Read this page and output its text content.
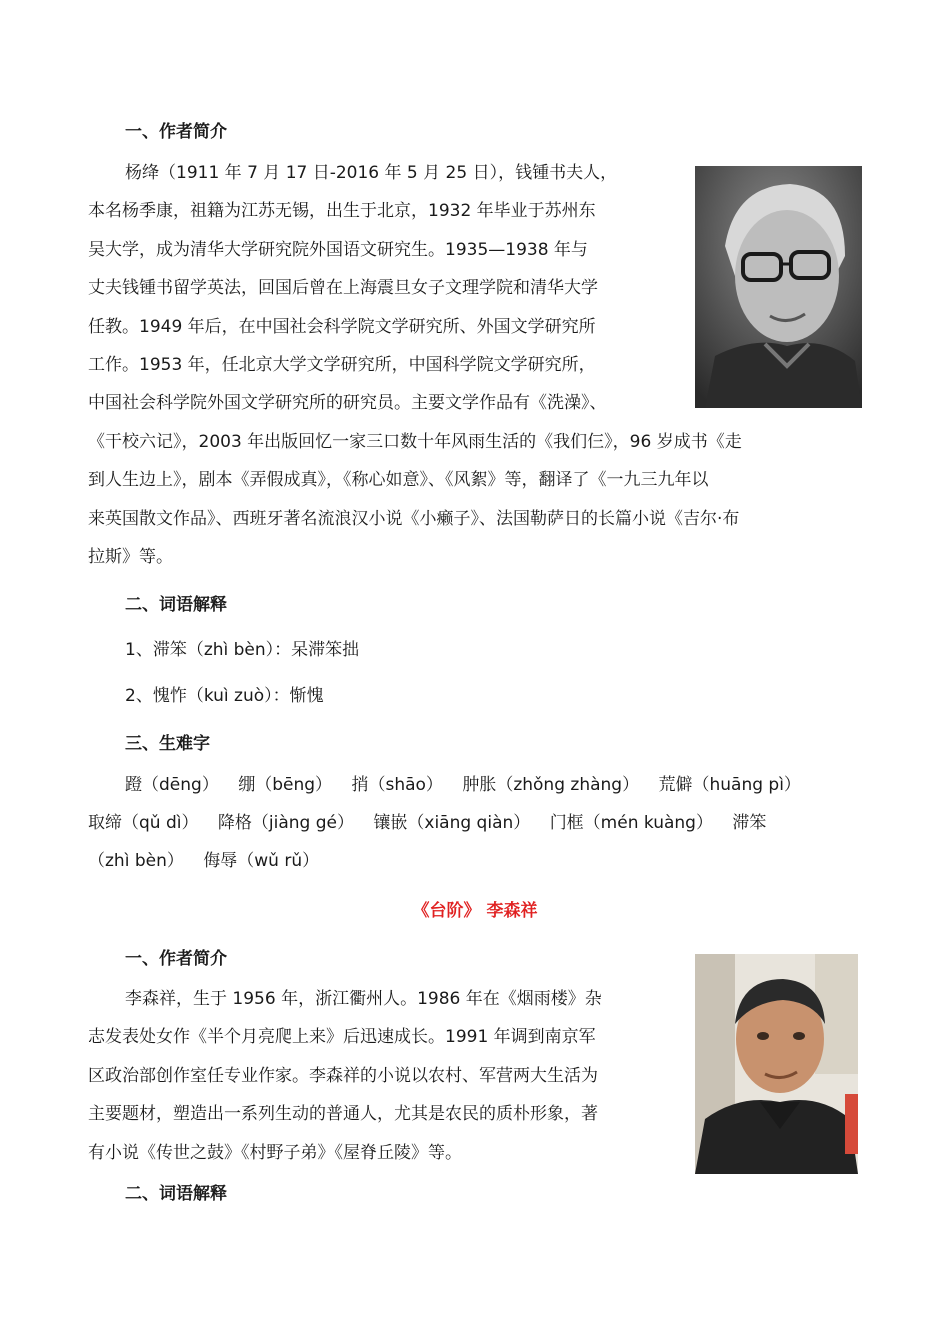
一、作者简介

杨绛（1911 年 7 月 17 日-2016 年 5 月 25 日），钱锺书夫人，
本名杨季康，祖籍为江苏无锡，出生于北京，1932 年毕业于苏州东
吴大学，成为清华大学研究院外国语文研究生。1935—1938 年与
丈夫钱锺书留学英法，回国后曾在上海震旦女子文理学院和清华大学
任教。1949 年后，在中国社会科学院文学研究所、外国文学研究所
工作。1953 年，任北京大学文学研究所，中国科学院文学研究所，
中国社会科学院外国文学研究所的研究员。主要文学作品有《洗澡》、
《干校六记》，2003 年出版回忆一家三口数十年风雨生活的《我们仨》，96 岁成书《走
到人生边上》，剧本《弄假成真》，《称心如意》、《风絮》等，翻译了《一九三九年以
来英国散文作品》、西班牙著名流浪汉小说《小癞子》、法国勒萨日的长篇小说《吉尔·布
拉斯》等。

二、词语解释

1、滞笨（zhì bèn）：呆滞笨拙

2、愧怍（kuì zuò）：惭愧

三、生难字

蹬（dēng） 绷（bēng） 捎（shāo） 肿胀（zhǒng zhàng） 荒僻（huāng pì）
取缔（qǔ dì） 降格（jiàng gé） 镶嵌（xiāng qiàn） 门框（mén kuàng） 滞笨
（zhì bèn） 侮辱（wǔ rǔ）

《台阶》 李森祥

一、作者简介

李森祥，生于 1956 年，浙江衢州人。1986 年在《烟雨楼》杂
志发表处女作《半个月亮爬上来》后迅速成长。1991 年调到南京军
区政治部创作室任专业作家。李森祥的小说以农村、军营两大生活为
主要题材，塑造出一系列生动的普通人，尤其是农民的质朴形象，著
有小说《传世之鼓》《村野子弟》《屋脊丘陵》等。

二、词语解释
